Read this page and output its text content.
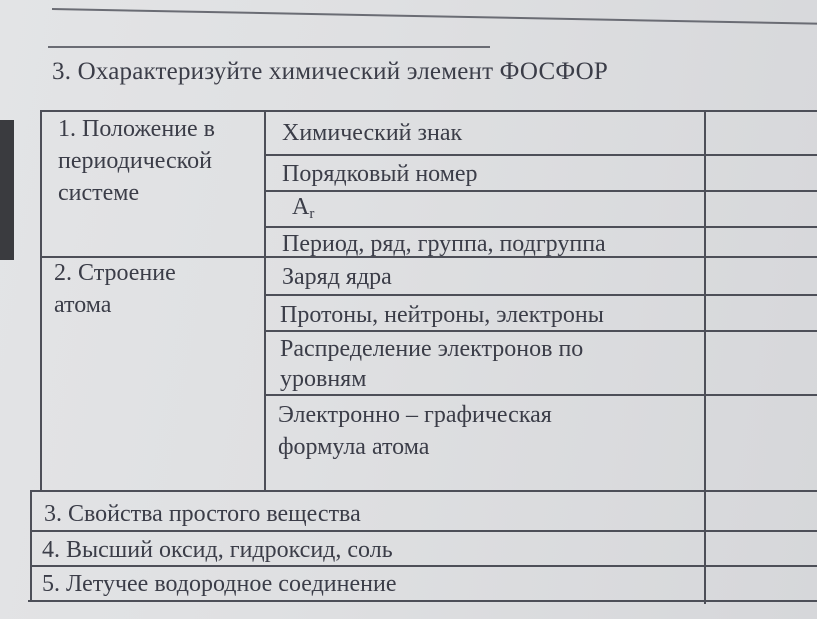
3. Охарактеризуйте химический элемент ФОСФОР
1. Положение в
периодической
системе
Химический знак
Порядковый номер
$A_r$
Период, ряд, группа, подгруппа
2. Строение
атома
Заряд ядра
Протоны, нейтроны, электроны
Распределение электронов по
уровням
Электронно – графическая
формула атома
3. Свойства простого вещества
4. Высший оксид, гидроксид, соль
5. Летучее водородное соединение
